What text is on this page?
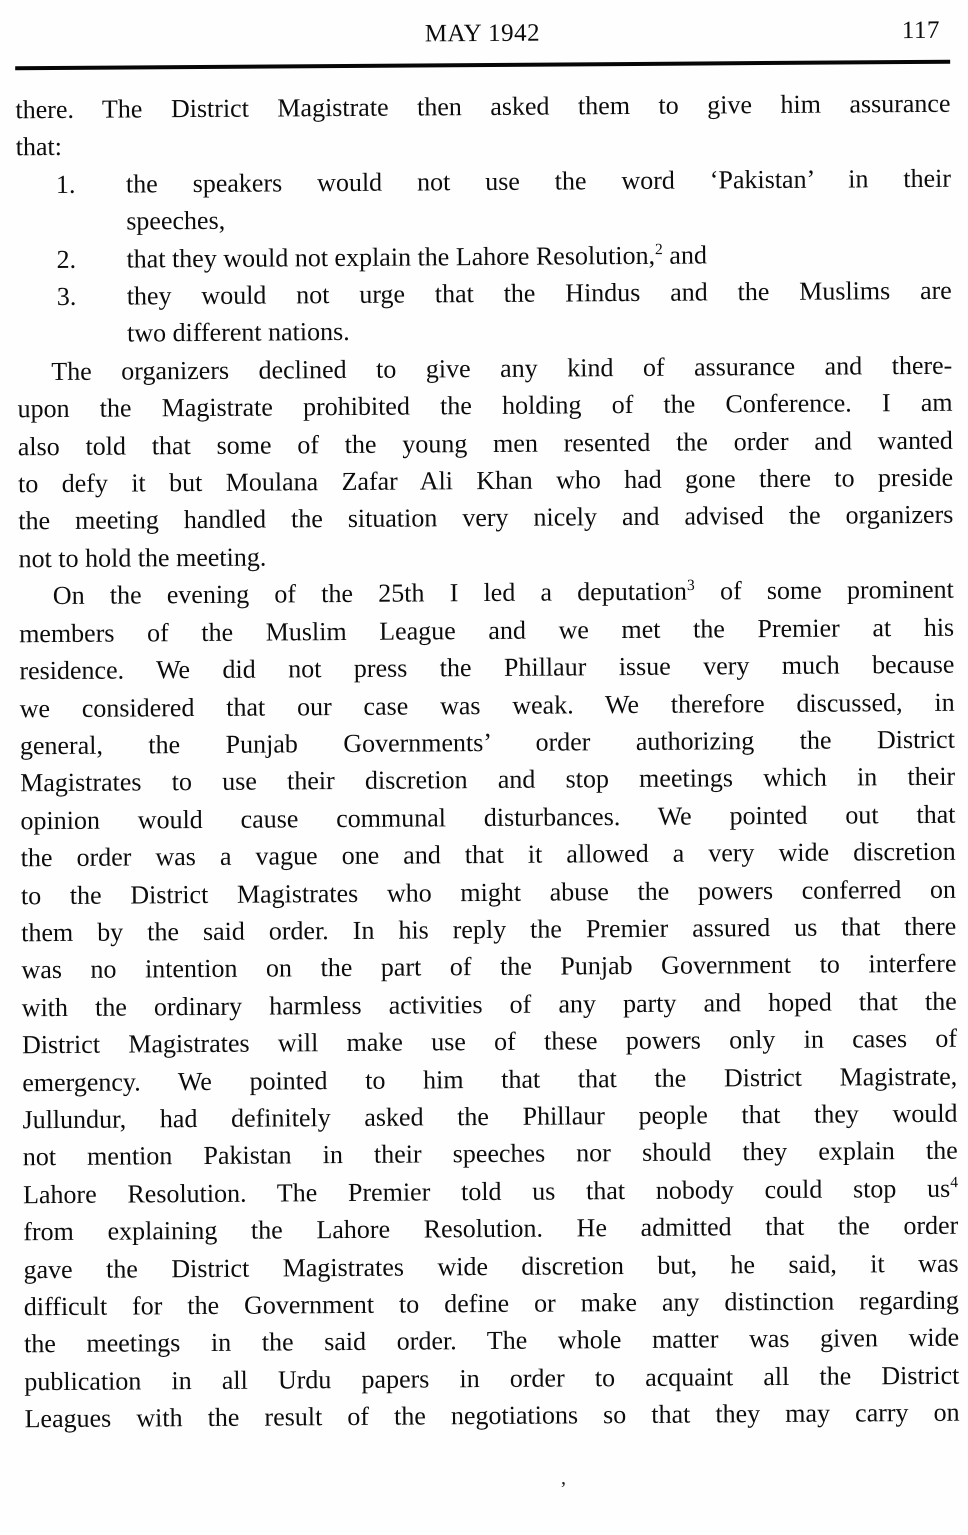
MAY 1942	117
there. The District Magistrate then asked them to give him assurance
that:
1.	the speakers would not use the word ‘Pakistan’ in their
speeches,
2.	that they would not explain the Lahore Resolution,$^2$ and
3.	they would not urge that the Hindus and the Muslims are
two different nations.
The organizers declined to give any kind of assurance and there-
upon the Magistrate prohibited the holding of the Conference. I am
also told that some of the young men resented the order and wanted
to defy it but Moulana Zafar Ali Khan who had gone there to preside
the meeting handled the situation very nicely and advised the organizers
not to hold the meeting.
On the evening of the 25th I led a deputation$^3$ of some prominent
members of the Muslim League and we met the Premier at his
residence. We did not press the Phillaur issue very much because
we considered that our case was weak. We therefore discussed, in
general, the Punjab Governments’ order authorizing the District
Magistrates to use their discretion and stop meetings which in their
opinion would cause communal disturbances. We pointed out that
the order was a vague one and that it allowed a very wide discretion
to the District Magistrates who might abuse the powers conferred on
them by the said order. In his reply the Premier assured us that there
was no intention on the part of the Punjab Government to interfere
with the ordinary harmless activities of any party and hoped that the
District Magistrates will make use of these powers only in cases of
emergency. We pointed to him that that the District Magistrate,
Jullundur, had definitely asked the Phillaur people that they would
not mention Pakistan in their speeches nor should they explain the
Lahore Resolution. The Premier told us that nobody could stop $us^4$
from explaining the Lahore Resolution. He admitted that the order
gave the District Magistrates wide discretion but, he said, it was
difficult for the Government to define or make any distinction regarding
the meetings in the said order. The whole matter was given wide
publication in all Urdu papers in order to acquaint all the District
Leagues with the result of the negotiations so that they may carry on
’
